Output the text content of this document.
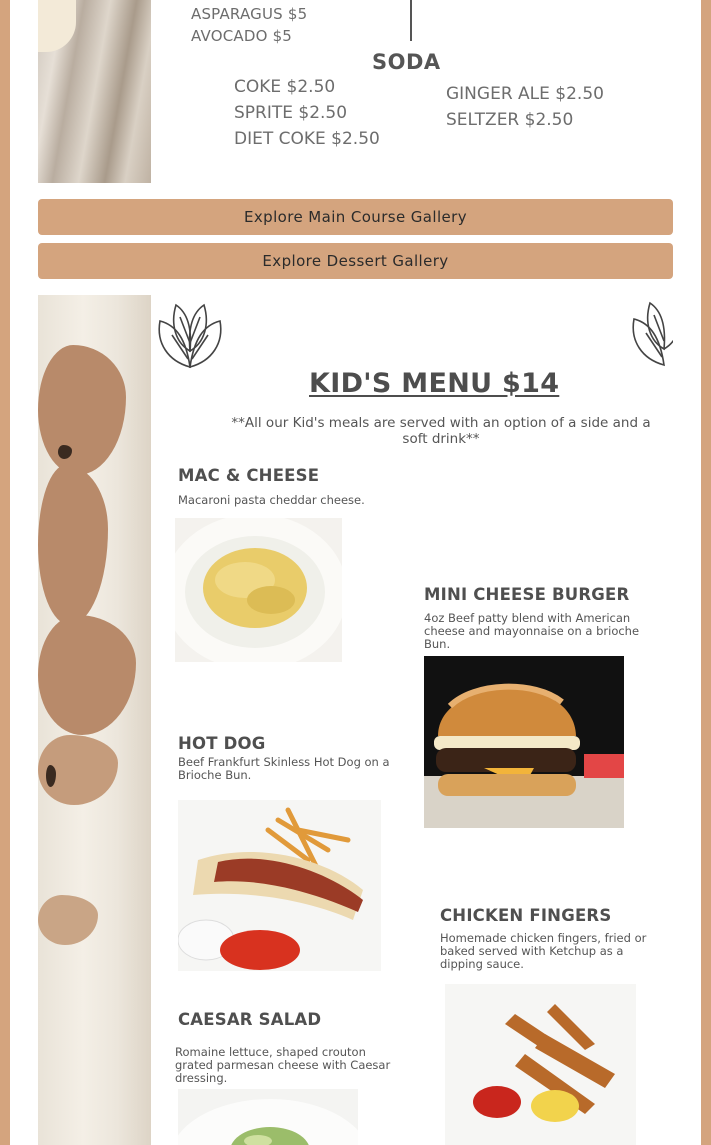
ASPARAGUS $5
AVOCADO $5
SODA
COKE $2.50
SPRITE $2.50
DIET COKE $2.50
GINGER ALE $2.50
SELTZER $2.50
Explore Main Course Gallery
Explore Dessert Gallery
KID'S MENU $14
**All our Kid's meals are served with an option of a side and a soft drink**
MAC & CHEESE
Macaroni pasta cheddar cheese.
MINI CHEESE BURGER
4oz Beef patty blend with American cheese and mayonnaise on a brioche Bun.
HOT DOG
Beef Frankfurt Skinless Hot Dog on a Brioche Bun.
CHICKEN FINGERS
Homemade chicken fingers, fried or baked served with Ketchup as a dipping sauce.
CAESAR SALAD
Romaine lettuce, shaped crouton grated parmesan cheese with Caesar dressing.
